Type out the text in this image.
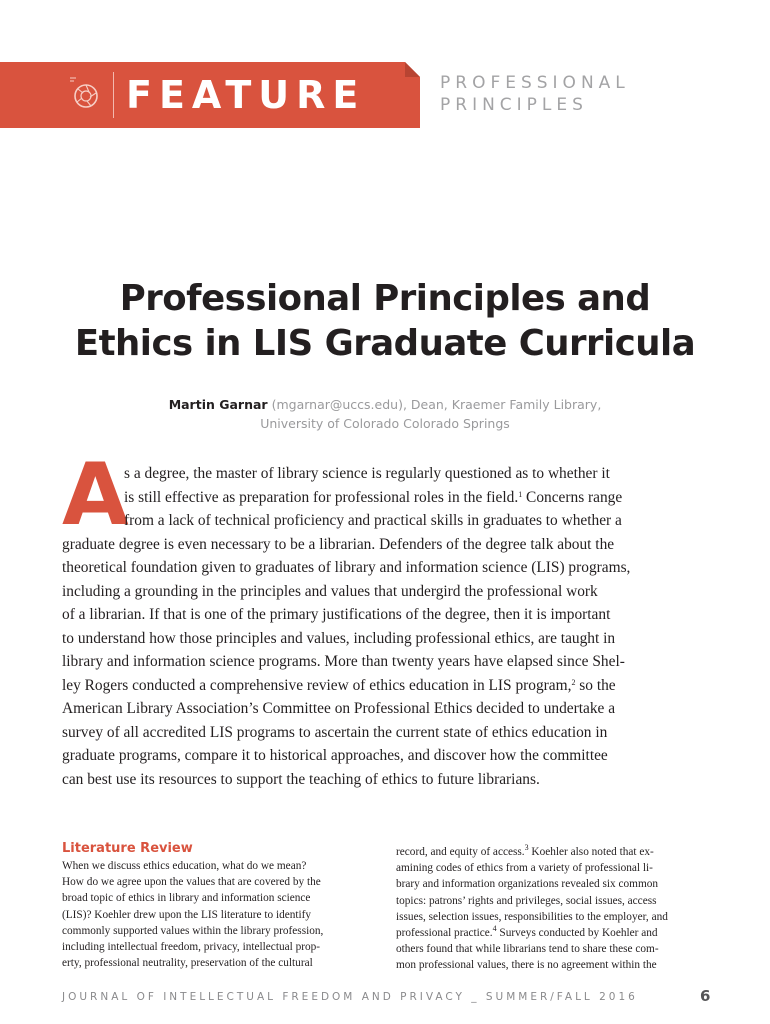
FEATURE	PROFESSIONAL
PRINCIPLES
Professional Principles and
Ethics in LIS Graduate Curricula
Martin Garnar (mgarnar@uccs.edu), Dean, Kraemer Family Library,
University of Colorado Colorado Springs
A
s a degree, the master of library science is regularly questioned as to whether it
is still effective as preparation for professional roles in the field.$^1$ Concerns range
from a lack of technical proficiency and practical skills in graduates to whether a
graduate degree is even necessary to be a librarian. Defenders of the degree talk about the
theoretical foundation given to graduates of library and information science (LIS) programs,
including a grounding in the principles and values that undergird the professional work
of a librarian. If that is one of the primary justifications of the degree, then it is important
to understand how those principles and values, including professional ethics, are taught in
library and information science programs. More than twenty years have elapsed since Shel-
ley Rogers conducted a comprehensive review of ethics education in LIS program,$^2$ so the
American Library Association’s Committee on Professional Ethics decided to undertake a
survey of all accredited LIS programs to ascertain the current state of ethics education in
graduate programs, compare it to historical approaches, and discover how the committee
can best use its resources to support the teaching of ethics to future librarians.
Literature Review
When we discuss ethics education, what do we mean?
How do we agree upon the values that are covered by the
broad topic of ethics in library and information science
(LIS)? Koehler drew upon the LIS literature to identify
commonly supported values within the library profession,
including intellectual freedom, privacy, intellectual prop-
erty, professional neutrality, preservation of the cultural
record, and equity of access.$^3$ Koehler also noted that ex-
amining codes of ethics from a variety of professional li-
brary and information organizations revealed six common
topics: patrons’ rights and privileges, social issues, access
issues, selection issues, responsibilities to the employer, and
professional practice.$^4$ Surveys conducted by Koehler and
others found that while librarians tend to share these com-
mon professional values, there is no agreement within the
JOURNAL OF INTELLECTUAL FREEDOM AND PRIVACY _ SUMMER/FALL 2016	6
